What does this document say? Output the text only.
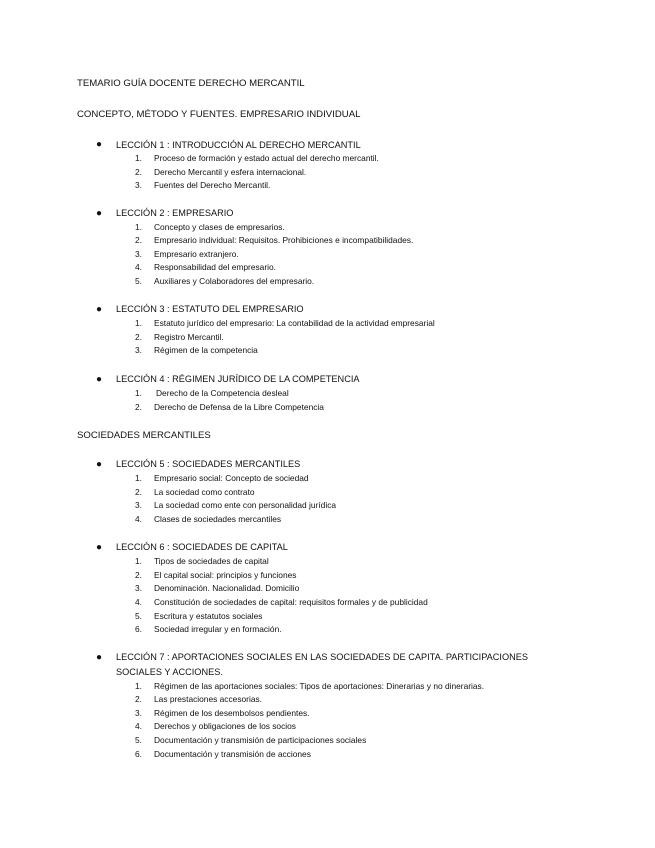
TEMARIO GUÍA DOCENTE DERECHO MERCANTIL
CONCEPTO, MÉTODO Y FUENTES. EMPRESARIO INDIVIDUAL
● LECCIÓN 1 : INTRODUCCIÓN AL DERECHO MERCANTIL
1.	Proceso de formación y estado actual del derecho mercantil.
2.	Derecho Mercantil y esfera internacional.
3.	Fuentes del Derecho Mercantil.
● LECCIÓN 2 : EMPRESARIO
1.	Concepto y clases de empresarios.
2.	Empresario individual: Requisitos. Prohibiciones e incompatibilidades.
3.	Empresario extranjero.
4.	Responsabilidad del empresario.
5.	Auxiliares y Colaboradores del empresario.
● LECCIÓN 3 : ESTATUTO DEL EMPRESARIO
1.	Estatuto jurídico del empresario: La contabilidad de la actividad empresarial
2.	Registro Mercantil.
3.	Régimen de la competencia
● LECCIÓN 4 : RÉGIMEN JURÍDICO DE LA COMPETENCIA
1.	Derecho de la Competencia desleal
2.	Derecho de Defensa de la Libre Competencia
SOCIEDADES MERCANTILES
● LECCIÓN 5 : SOCIEDADES MERCANTILES
1.	Empresario social: Concepto de sociedad
2.	La sociedad como contrato
3.	La sociedad como ente con personalidad jurídica
4.	Clases de sociedades mercantiles
● LECCIÓN 6 : SOCIEDADES DE CAPITAL
1.	Tipos de sociedades de capital
2.	El capital social: principios y funciones
3.	Denominación. Nacionalidad. Domicilio
4.	Constitución de sociedades de capital: requisitos formales y de publicidad
5.	Escritura y estatutos sociales
6.	Sociedad irregular y en formación.
● LECCIÓN 7 : APORTACIONES SOCIALES EN LAS SOCIEDADES DE CAPITA. PARTICIPACIONES SOCIALES Y ACCIONES.
1.	Régimen de las aportaciones sociales: Tipos de aportaciones: Dinerarias y no dinerarias.
2.	Las prestaciones accesorias.
3.	Régimen de los desembolsos pendientes.
4.	Derechos y obligaciones de los socios
5.	Documentación y transmisión de participaciones sociales
6.	Documentación y transmisión de acciones
